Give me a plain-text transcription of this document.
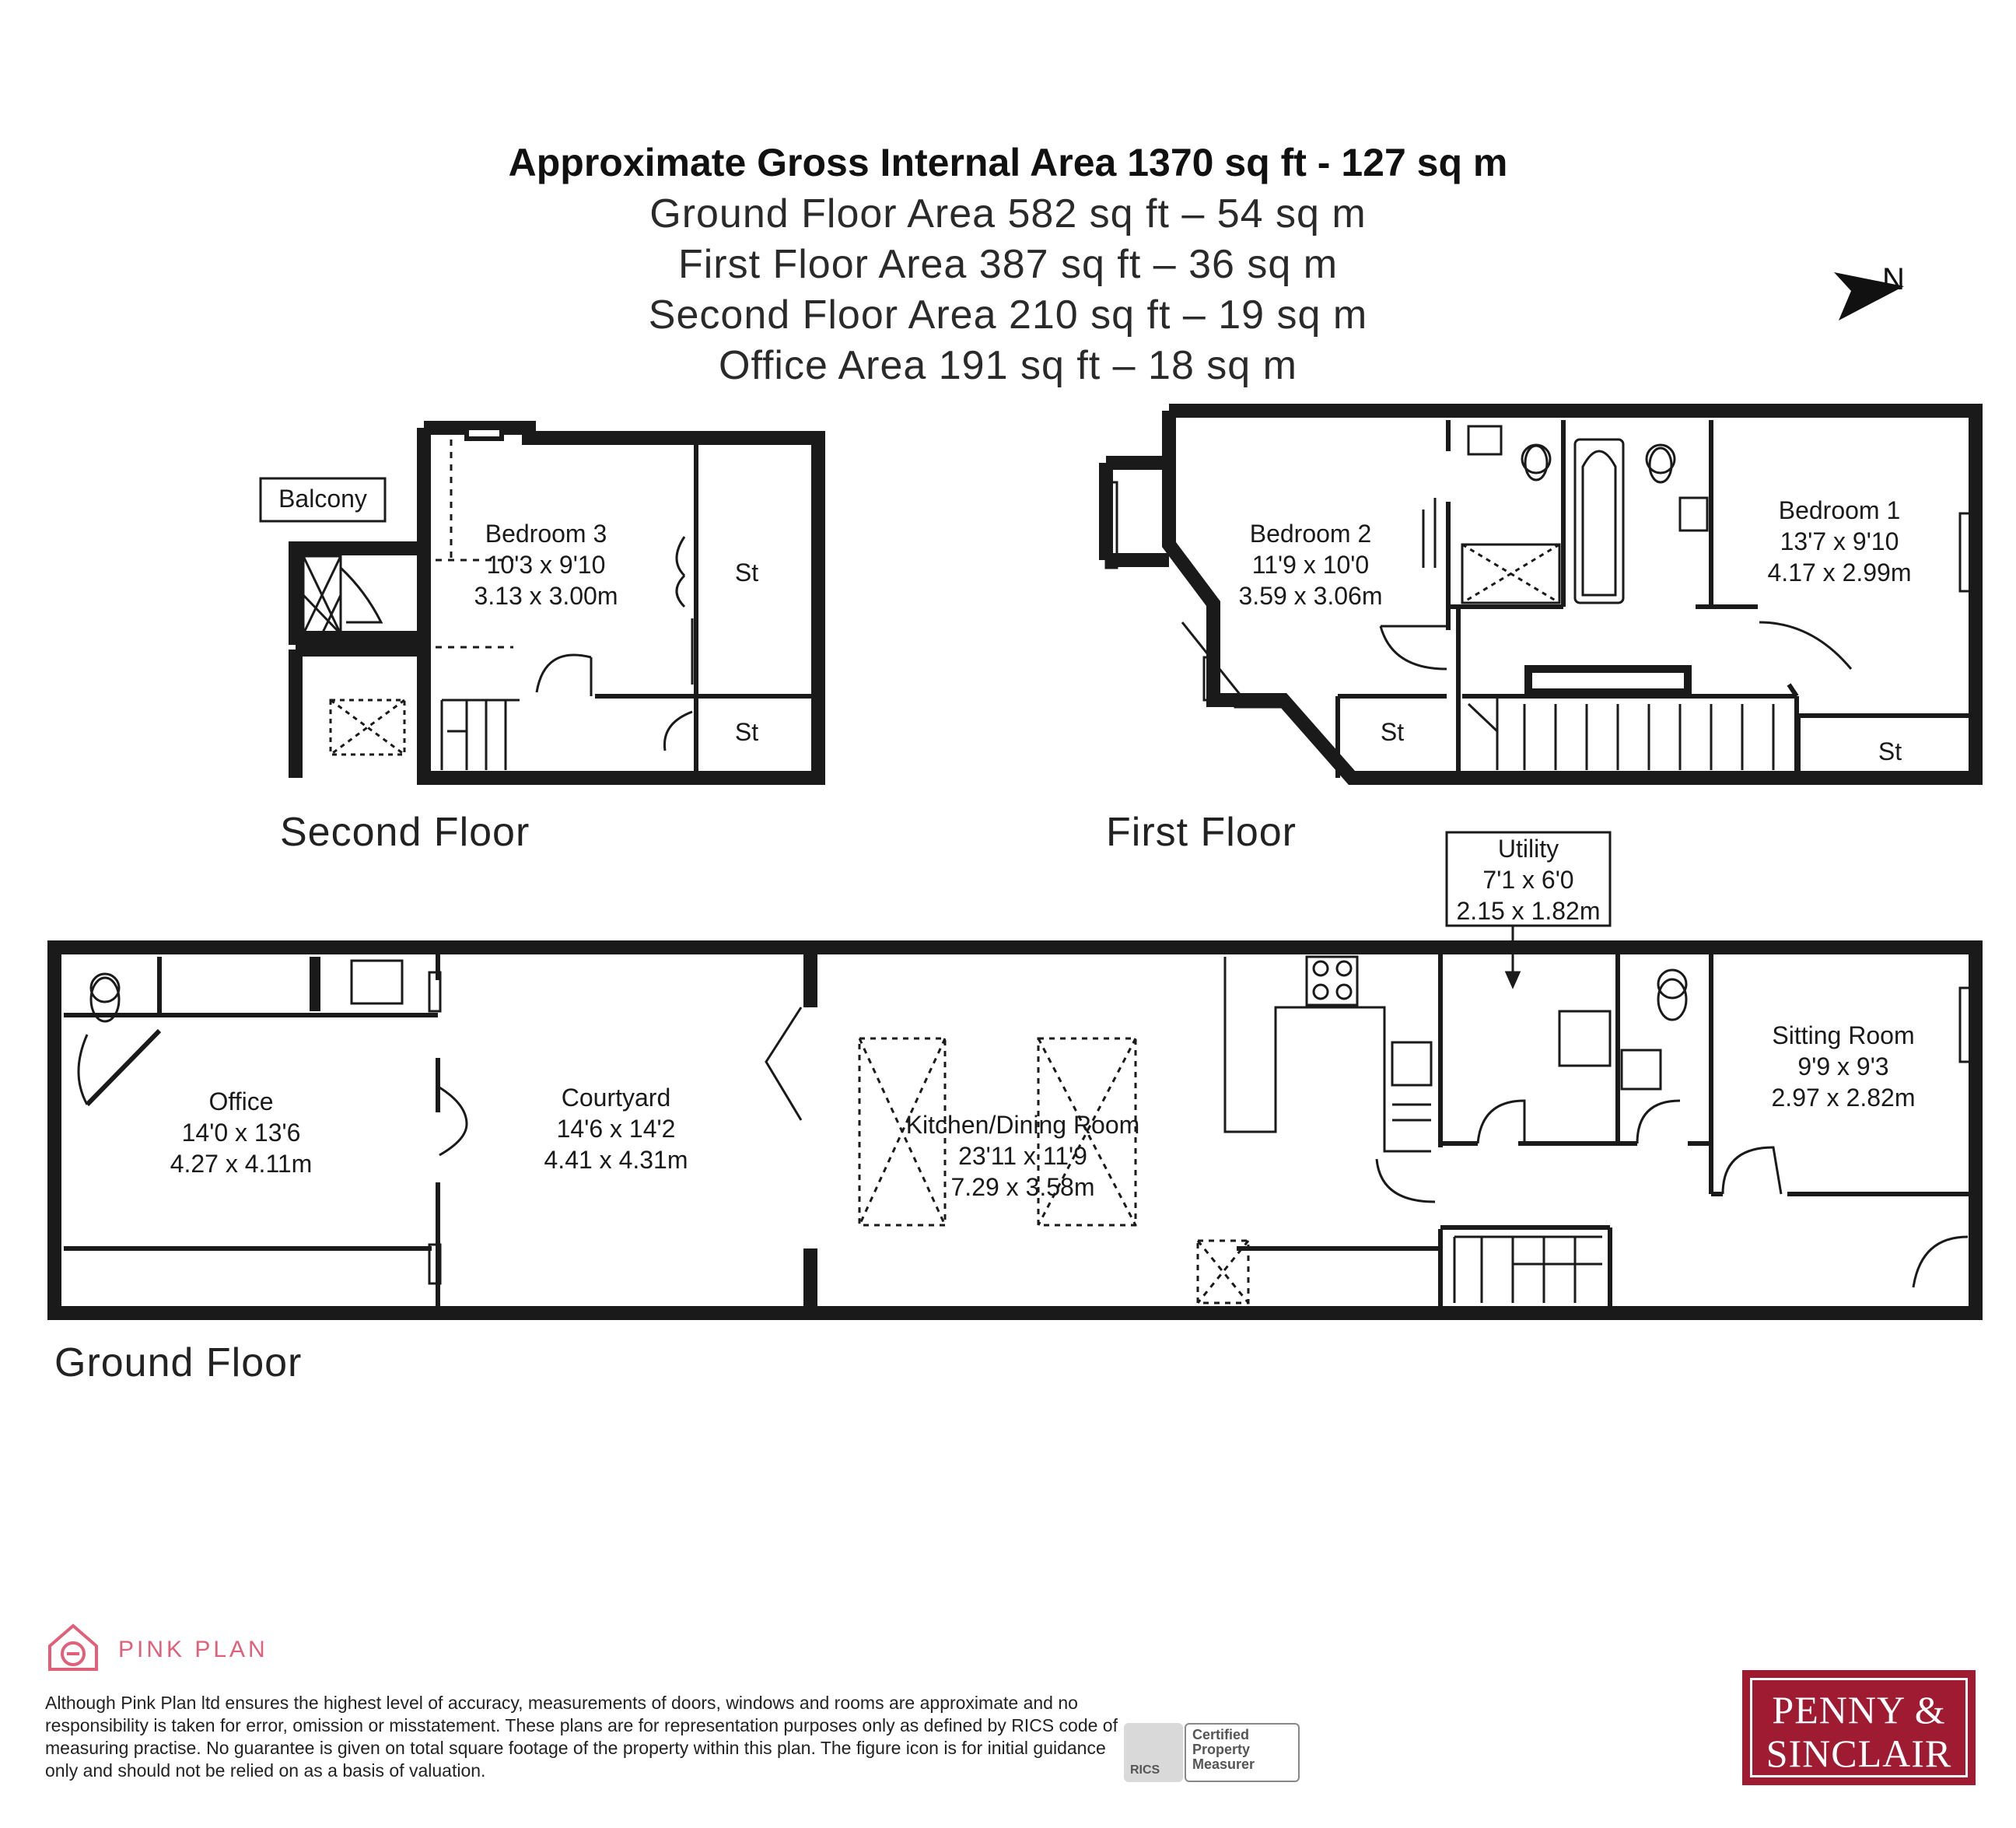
Approximate Gross Internal Area 1370 sq ft - 127 sq m
Ground Floor Area 582 sq ft – 54 sq m
First Floor Area 387 sq ft – 36 sq m
Second Floor Area 210 sq ft – 19 sq m
Office Area 191 sq ft – 18 sq m
N
Balcony
Bedroom 3
10'3 x 9'10
3.13 x 3.00m
St
St
Bedroom 2
11'9 x 10'0
3.59 x 3.06m
Bedroom 1
13'7 x 9'10
4.17 x 2.99m
St
St
Office
14'0 x 13'6
4.27 x 4.11m
Courtyard
14'6 x 14'2
4.41 x 4.31m
Kitchen/Dining Room
23'11 x 11'9
7.29 x 3.58m
Utility
7'1 x 6'0
2.15 x 1.82m
Sitting Room
9'9 x 9'3
2.97 x 2.82m
Second Floor	First Floor
Ground Floor
PINK PLAN
Although Pink Plan ltd ensures the highest level of accuracy, measurements of doors, windows and rooms are approximate and no responsibility is taken for error, omission or misstatement. These plans are for representation purposes only as defined by RICS code of measuring practise. No guarantee is given on total square footage of the property within this plan. The figure icon is for initial guidance only and should not be relied on as a basis of valuation.	RICS
Certified
Property
Measurer
PENNY &
SINCLAIR
